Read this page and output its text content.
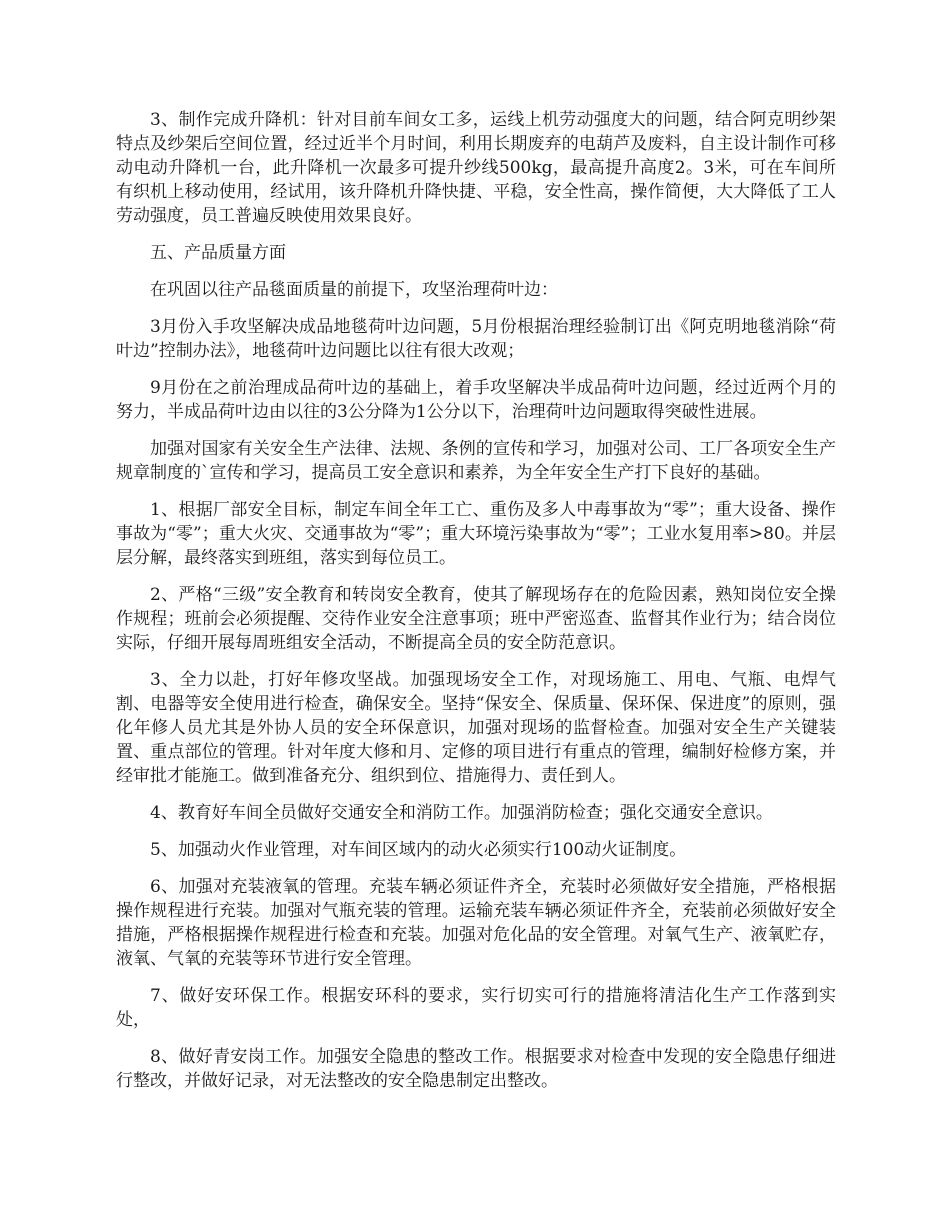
3、制作完成升降机：针对目前车间女工多，运线上机劳动强度大的问题，结合阿克明纱架特点及纱架后空间位置，经过近半个月时间，利用长期废弃的电葫芦及废料，自主设计制作可移动电动升降机一台，此升降机一次最多可提升纱线500kg，最高提升高度2。3米，可在车间所有织机上移动使用，经试用，该升降机升降快捷、平稳，安全性高，操作简便，大大降低了工人劳动强度，员工普遍反映使用效果良好。

五、产品质量方面

在巩固以往产品毯面质量的前提下，攻坚治理荷叶边：

3月份入手攻坚解决成品地毯荷叶边问题，5月份根据治理经验制订出《阿克明地毯消除“荷叶边”控制办法》，地毯荷叶边问题比以往有很大改观；

9月份在之前治理成品荷叶边的基础上，着手攻坚解决半成品荷叶边问题，经过近两个月的努力，半成品荷叶边由以往的3公分降为1公分以下，治理荷叶边问题取得突破性进展。

加强对国家有关安全生产法律、法规、条例的宣传和学习，加强对公司、工厂各项安全生产规章制度的`宣传和学习，提高员工安全意识和素养，为全年安全生产打下良好的基础。

1、根据厂部安全目标，制定车间全年工亡、重伤及多人中毒事故为“零”；重大设备、操作事故为“零”；重大火灾、交通事故为“零”；重大环境污染事故为“零”；工业水复用率>80。并层层分解，最终落实到班组，落实到每位员工。

2、严格“三级”安全教育和转岗安全教育，使其了解现场存在的危险因素，熟知岗位安全操作规程；班前会必须提醒、交待作业安全注意事项；班中严密巡查、监督其作业行为；结合岗位实际，仔细开展每周班组安全活动，不断提高全员的安全防范意识。

3、全力以赴，打好年修攻坚战。加强现场安全工作，对现场施工、用电、气瓶、电焊气割、电器等安全使用进行检查，确保安全。坚持“保安全、保质量、保环保、保进度”的原则，强化年修人员尤其是外协人员的安全环保意识，加强对现场的监督检查。加强对安全生产关键装置、重点部位的管理。针对年度大修和月、定修的项目进行有重点的管理，编制好检修方案，并经审批才能施工。做到准备充分、组织到位、措施得力、责任到人。

4、教育好车间全员做好交通安全和消防工作。加强消防检查；强化交通安全意识。

5、加强动火作业管理，对车间区域内的动火必须实行100动火证制度。

6、加强对充装液氧的管理。充装车辆必须证件齐全，充装时必须做好安全措施，严格根据操作规程进行充装。加强对气瓶充装的管理。运输充装车辆必须证件齐全，充装前必须做好安全措施，严格根据操作规程进行检查和充装。加强对危化品的安全管理。对氧气生产、液氧贮存，液氧、气氧的充装等环节进行安全管理。

7、做好安环保工作。根据安环科的要求，实行切实可行的措施将清洁化生产工作落到实处，

8、做好青安岗工作。加强安全隐患的整改工作。根据要求对检查中发现的安全隐患仔细进行整改，并做好记录，对无法整改的安全隐患制定出整改。
